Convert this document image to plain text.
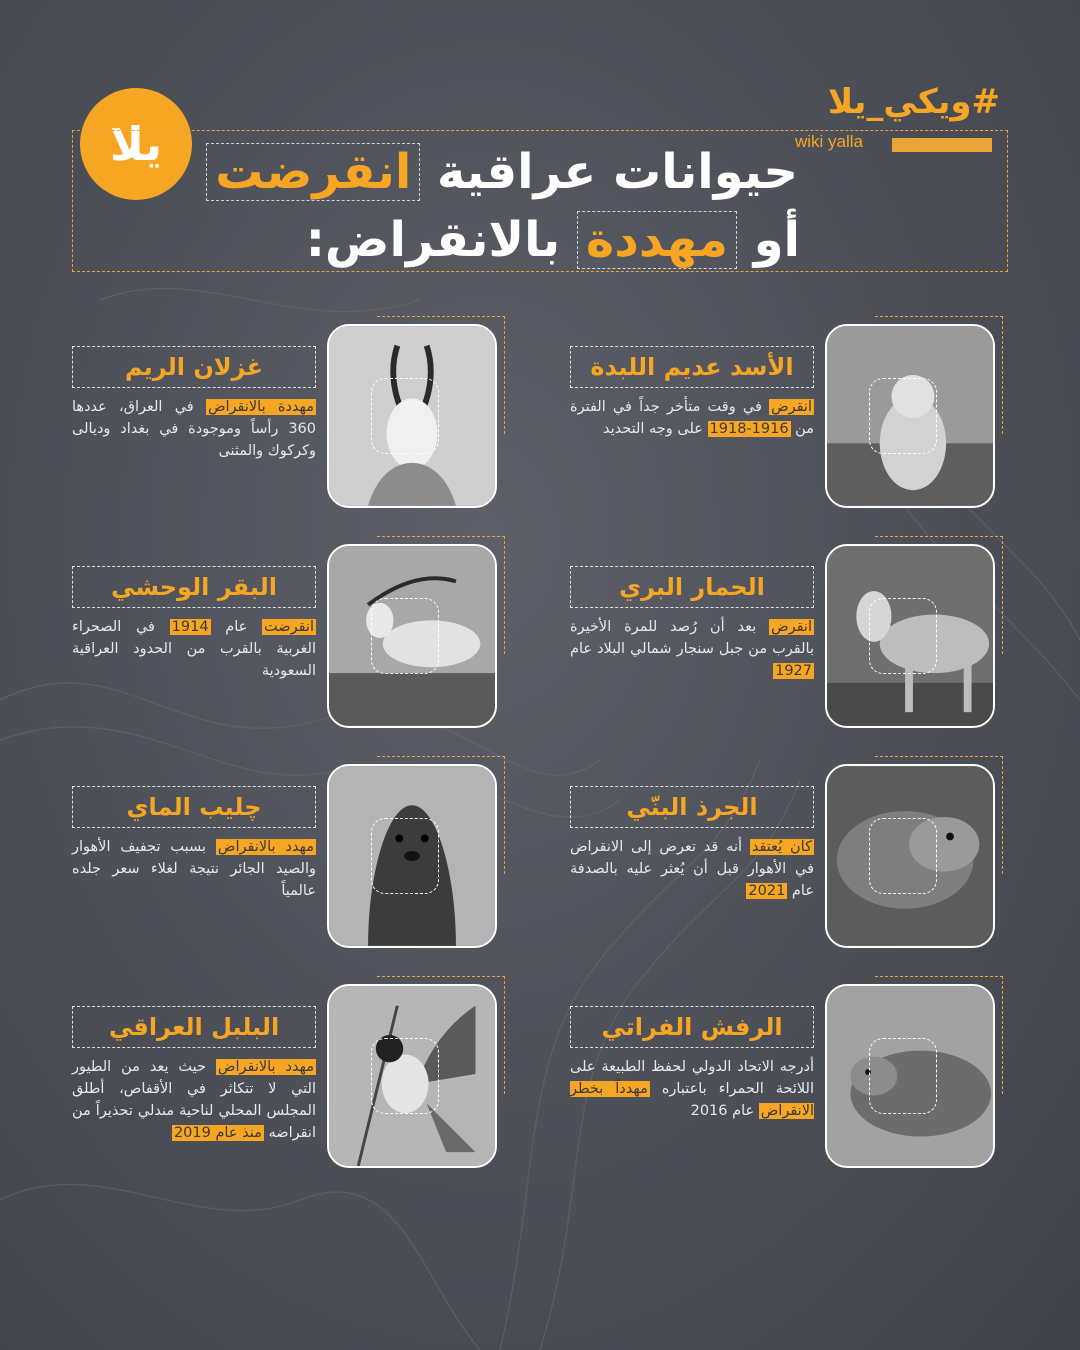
يلا
#ويكي_يلا
wiki yalla
حيوانات عراقية انقرضت
أو مهددة بالانقراض:
الأسد عديم اللبدة
انقرض في وقت متأخر جداً في الفترة من 1916-1918 على وجه التحديد
غزلان الريم
مهددة بالانقراض في العراق، عددها 360 رأساً وموجودة في بغداد وديالى وكركوك والمثنى
الحمار البري
انقرض بعد أن رُصد للمرة الأخيرة بالقرب من جبل سنجار شمالي البلاد عام 1927
البقر الوحشي
انقرضت عام 1914 في الصحراء الغربية بالقرب من الحدود العراقية السعودية
الجرذ البنّي
كان يُعتقد أنه قد تعرض إلى الانقراض في الأهوار قبل أن يُعثر عليه بالصدفة عام 2021
چليب الماي
مهدد بالانقراض بسبب تجفيف الأهوار والصيد الجائر نتيجة لغلاء سعر جلده عالمياً
الرفش الفراتي
أدرجه الاتحاد الدولي لحفظ الطبيعة على اللائحة الحمراء باعتباره مهدداً بخطر الانقراض عام 2016
البلبل العراقي
مهدد بالانقراض حيث يعد من الطيور التي لا تتكاثر في الأقفاص، أطلق المجلس المحلي لناحية مندلي تحذيراً من انقراضه منذ عام 2019
